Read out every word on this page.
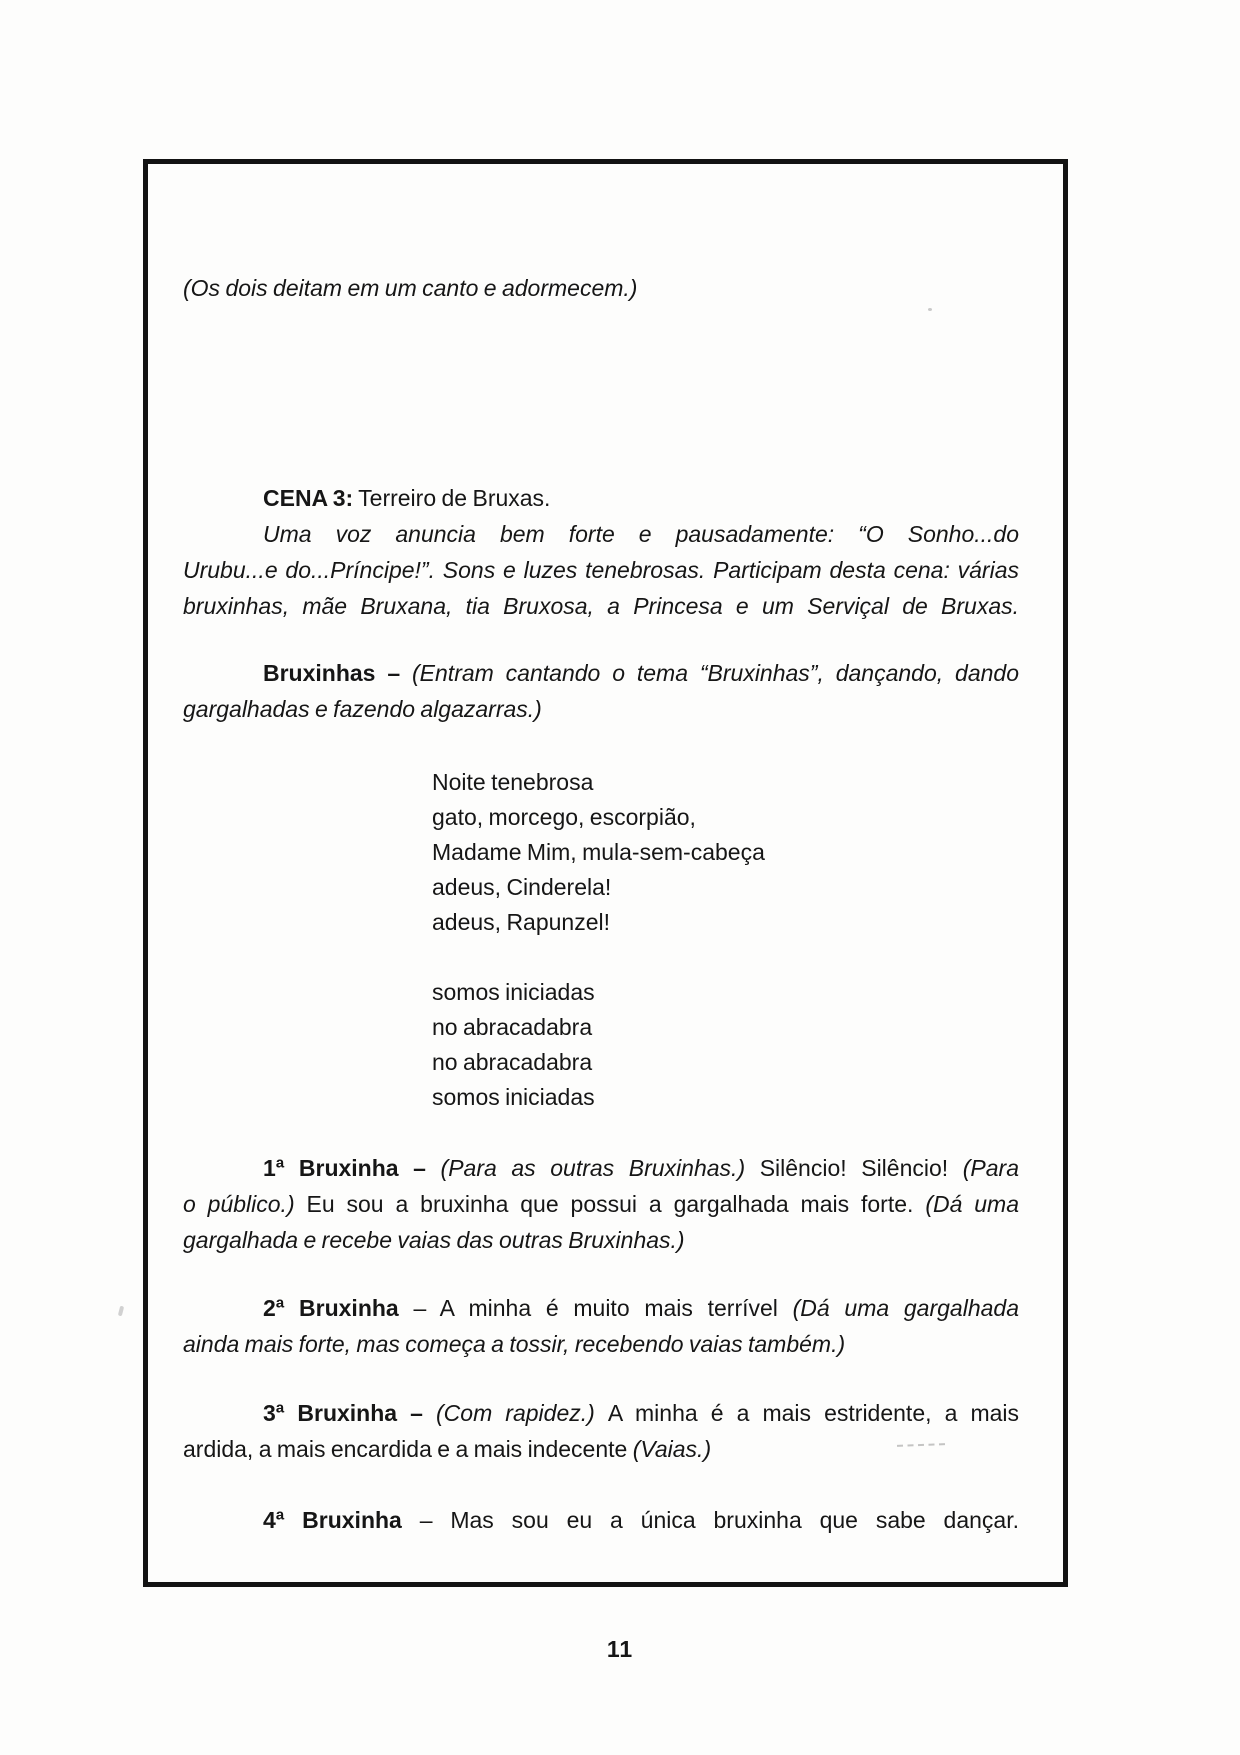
(Os dois deitam em um canto e adormecem.)
CENA 3: Terreiro de Bruxas.
Uma voz anuncia bem forte e pausadamente: “O Sonho...do
Urubu...e do...Príncipe!”. Sons e luzes tenebrosas. Participam desta cena: várias
bruxinhas, mãe Bruxana, tia Bruxosa, a Princesa e um Serviçal de Bruxas.
Bruxinhas – (Entram cantando o tema “Bruxinhas”, dançando, dando
gargalhadas e fazendo algazarras.)
Noite tenebrosa
gato, morcego, escorpião,
Madame Mim, mula-sem-cabeça
adeus, Cinderela!
adeus, Rapunzel!
somos iniciadas
no abracadabra
no abracadabra
somos iniciadas
1ª Bruxinha – (Para as outras Bruxinhas.) Silêncio! Silêncio! (Para
o público.) Eu sou a bruxinha que possui a gargalhada mais forte. (Dá uma
gargalhada e recebe vaias das outras Bruxinhas.)
2ª Bruxinha – A minha é muito mais terrível (Dá uma gargalhada
ainda mais forte, mas começa a tossir, recebendo vaias também.)
3ª Bruxinha – (Com rapidez.) A minha é a mais estridente, a mais
ardida, a mais encardida e a mais indecente (Vaias.)
4ª Bruxinha – Mas sou eu a única bruxinha que sabe dançar.
11
